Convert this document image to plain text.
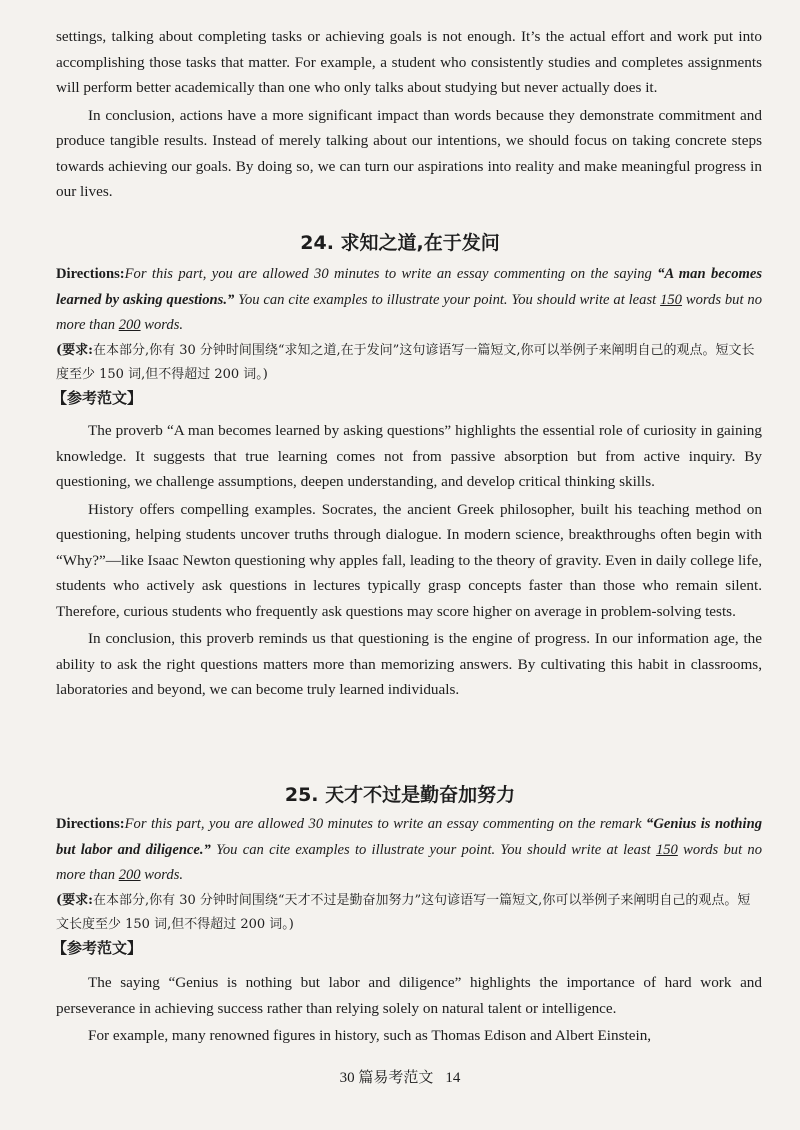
settings, talking about completing tasks or achieving goals is not enough. It’s the actual effort and work put into accomplishing those tasks that matter. For example, a student who consistently studies and completes assignments will perform better academically than one who only talks about studying but never actually does it.

In conclusion, actions have a more significant impact than words because they demonstrate commitment and produce tangible results. Instead of merely talking about our intentions, we should focus on taking concrete steps towards achieving our goals. By doing so, we can turn our aspirations into reality and make meaningful progress in our lives.

24. 求知之道,在于发问

Directions:For this part, you are allowed 30 minutes to write an essay commenting on the saying “A man becomes learned by asking questions.” You can cite examples to illustrate your point. You should write at least 150 words but no more than 200 words.

(要求:在本部分,你有 30 分钟时间围绕“求知之道,在于发问”这句谚语写一篇短文,你可以举例子来阐明自己的观点。短文长度至少 150 词,但不得超过 200 词。)

【参考范文】

The proverb “A man becomes learned by asking questions” highlights the essential role of curiosity in gaining knowledge. It suggests that true learning comes not from passive absorption but from active inquiry. By questioning, we challenge assumptions, deepen understanding, and develop critical thinking skills.

History offers compelling examples. Socrates, the ancient Greek philosopher, built his teaching method on questioning, helping students uncover truths through dialogue. In modern science, breakthroughs often begin with “Why?”—like Isaac Newton questioning why apples fall, leading to the theory of gravity. Even in daily college life, students who actively ask questions in lectures typically grasp concepts faster than those who remain silent. Therefore, curious students who frequently ask questions may score higher on average in problem-solving tests.

In conclusion, this proverb reminds us that questioning is the engine of progress. In our information age, the ability to ask the right questions matters more than memorizing answers. By cultivating this habit in classrooms, laboratories and beyond, we can become truly learned individuals.

25. 天才不过是勤奋加努力

Directions:For this part, you are allowed 30 minutes to write an essay commenting on the remark “Genius is nothing but labor and diligence.” You can cite examples to illustrate your point. You should write at least 150 words but no more than 200 words.

(要求:在本部分,你有 30 分钟时间围绕“天才不过是勤奋加努力”这句谚语写一篇短文,你可以举例子来阐明自己的观点。短文长度至少 150 词,但不得超过 200 词。)

【参考范文】

The saying “Genius is nothing but labor and diligence” highlights the importance of hard work and perseverance in achieving success rather than relying solely on natural talent or intelligence.

For example, many renowned figures in history, such as Thomas Edison and Albert Einstein,

30 篇易考范文 14
